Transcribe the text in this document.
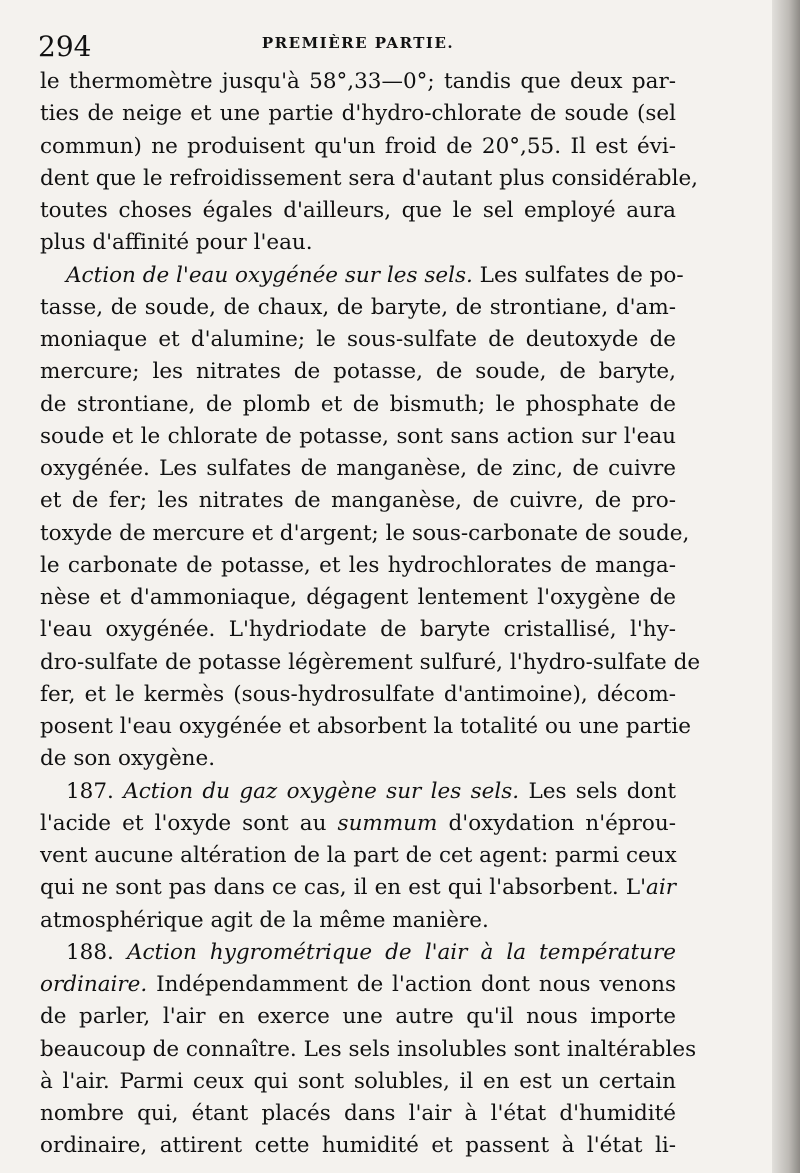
294	PREMIÈRE PARTIE.
le thermomètre jusqu'à 58°,33—0°; tandis que deux par-
ties de neige et une partie d'hydro-chlorate de soude (sel
commun) ne produisent qu'un froid de 20°,55. Il est évi-
dent que le refroidissement sera d'autant plus considérable,
toutes choses égales d'ailleurs, que le sel employé aura
plus d'affinité pour l'eau.
Action de l'eau oxygénée sur les sels. Les sulfates de po-
tasse, de soude, de chaux, de baryte, de strontiane, d'am-
moniaque et d'alumine; le sous-sulfate de deutoxyde de
mercure; les nitrates de potasse, de soude, de baryte,
de strontiane, de plomb et de bismuth; le phosphate de
soude et le chlorate de potasse, sont sans action sur l'eau
oxygénée. Les sulfates de manganèse, de zinc, de cuivre
et de fer; les nitrates de manganèse, de cuivre, de pro-
toxyde de mercure et d'argent; le sous-carbonate de soude,
le carbonate de potasse, et les hydrochlorates de manga-
nèse et d'ammoniaque, dégagent lentement l'oxygène de
l'eau oxygénée. L'hydriodate de baryte cristallisé, l'hy-
dro-sulfate de potasse légèrement sulfuré, l'hydro-sulfate de
fer, et le kermès (sous-hydrosulfate d'antimoine), décom-
posent l'eau oxygénée et absorbent la totalité ou une partie
de son oxygène.
187. Action du gaz oxygène sur les sels. Les sels dont
l'acide et l'oxyde sont au summum d'oxydation n'éprou-
vent aucune altération de la part de cet agent: parmi ceux
qui ne sont pas dans ce cas, il en est qui l'absorbent. L'air
atmosphérique agit de la même manière.
188. Action hygrométrique de l'air à la température
ordinaire. Indépendamment de l'action dont nous venons
de parler, l'air en exerce une autre qu'il nous importe
beaucoup de connaître. Les sels insolubles sont inaltérables
à l'air. Parmi ceux qui sont solubles, il en est un certain
nombre qui, étant placés dans l'air à l'état d'humidité
ordinaire, attirent cette humidité et passent à l'état li-
